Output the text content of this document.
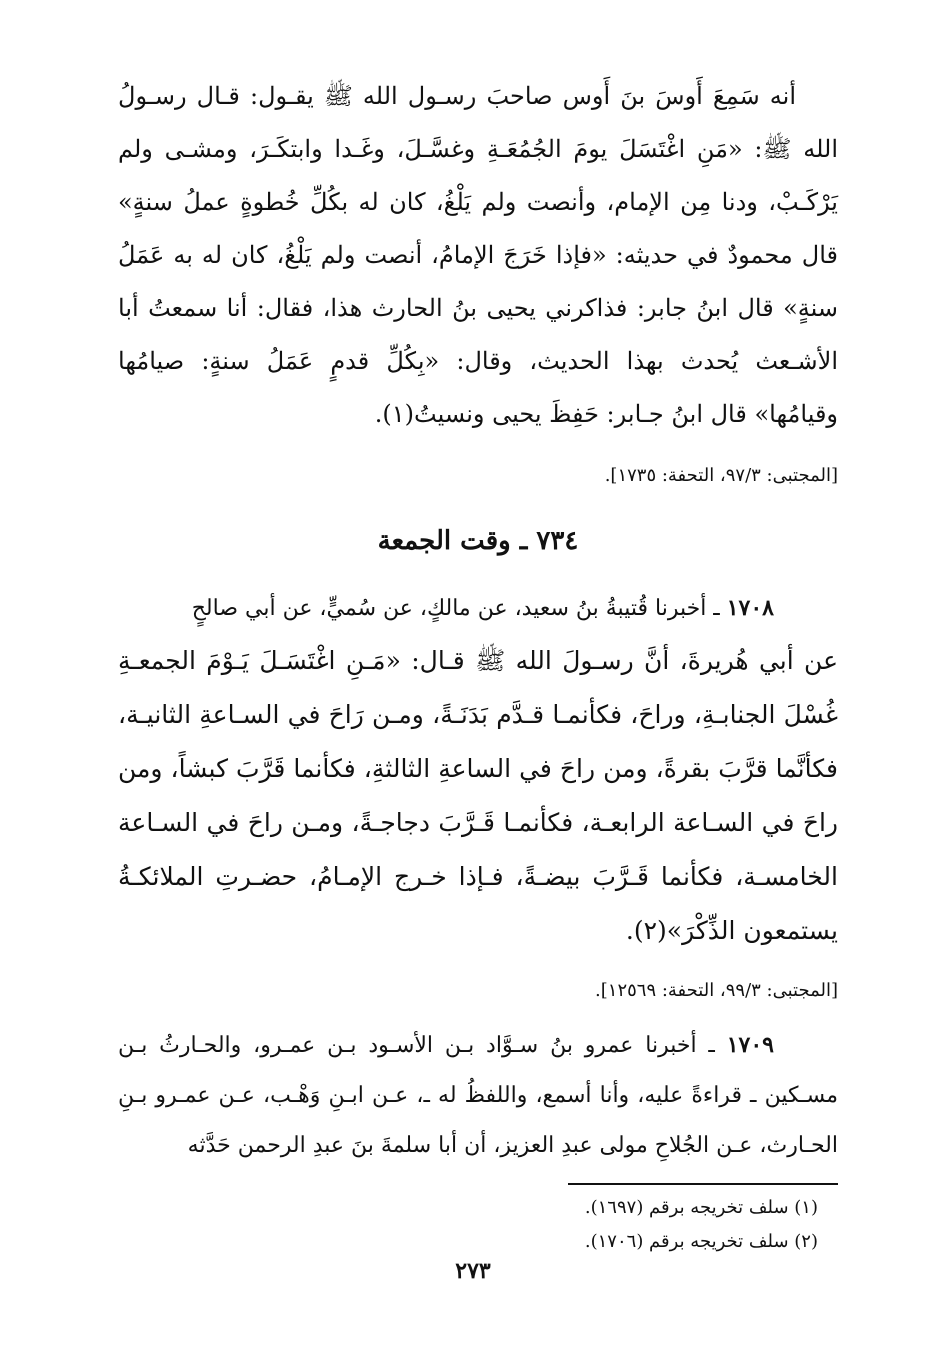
أنه سَمِعَ أَوسَ بنَ أَوس صاحبَ رسـول الله ﷺ يقـول: قـال رسـولُ الله ﷺ: «مَنِ اغْتَسَلَ يومَ الجُمُعَـةِ وغسَّـلَ، وغَـدا وابتكَـرَ، ومشـى ولم يَرْكَـبْ، ودنا مِن الإمام، وأنصت ولم يَلْغُ، كان له بكُلِّ خُطوةٍ عملُ سنةٍ» قال محمودٌ في حديثه: «فإذا خَرَجَ الإمامُ، أنصت ولم يَلْغُ، كان له به عَمَلُ سنةٍ» قال ابنُ جابر: فذاكرني يحيى بنُ الحارث هذا، فقال: أنا سمعتُ أبا الأشـعث يُحدث بهذا الحديث، وقال: «بِكُلِّ قدمٍ عَمَلُ سنةٍ: صيامُها وقيامُها» قال ابنُ جـابر: حَفِظَ يحيى ونسيتُ(١).

[المجتبى: ٩٧/٣، التحفة: ١٧٣٥].

٧٣٤ ـ وقت الجمعة

١٧٠٨ ـ أخبرنا قُتيبةُ بنُ سعيد، عن مالكٍ، عن سُميٍّ، عن أبي صالحٍ

عن أبي هُريرةَ، أنَّ رسـولَ الله ﷺ قـال: «مَـنِ اغْتَسَـلَ يَـوْمَ الجمعـةِ غُسْلَ الجنابـةِ، وراحَ، فكأنمـا قـدَّم بَدَنَـةً، ومـن رَاحَ في السـاعةِ الثانيـة، فكأنَّما قرَّبَ بقرةً، ومن راحَ في الساعةِ الثالثةِ، فكأنما قَرَّبَ كبشاً، ومن راحَ في السـاعة الرابعـة، فكأنمـا قَـرَّبَ دجاجـةً، ومـن راحَ في السـاعة الخامسـة، فكأنما قَـرَّبَ بيضـةً، فـإذا خـرج الإمـامُ، حضـرتِ الملائكـةُ يستمعون الذِّكْرَ»(٢).

[المجتبى: ٩٩/٣، التحفة: ١٢٥٦٩].

١٧٠٩ ـ أخبرنا عمرو بنُ سـوَّاد بـن الأسـود بـن عمـرو، والحـارثُ بـن مسـكين ـ قراءةً عليه، وأنا أسمع، واللفظُ له ـ، عـن ابـنِ وَهْـب، عـن عمـرو بـنِ الحـارث، عـن الجُلاحِ مولى عبدِ العزيز، أن أبا سلمةَ بنَ عبدِ الرحمن حَدَّثه

(١) سلف تخريجه برقم (١٦٩٧).

(٢) سلف تخريجه برقم (١٧٠٦).

٢٧٣
